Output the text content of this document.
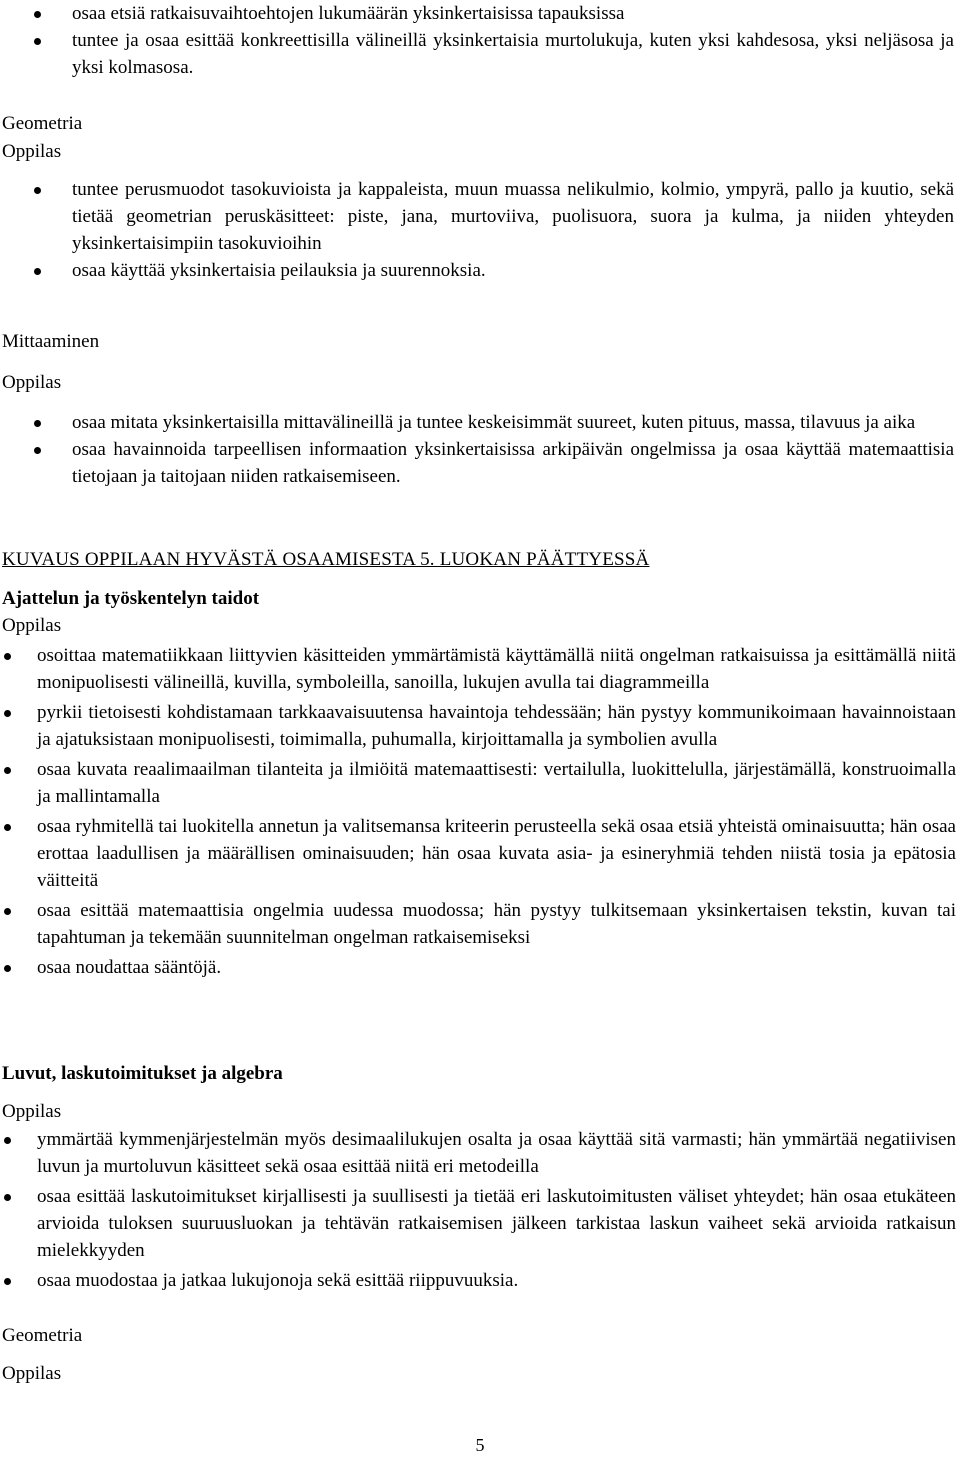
osaa etsiä ratkaisuvaihtoehtojen lukumäärän yksinkertaisissa tapauksissa
tuntee ja osaa esittää konkreettisilla välineillä yksinkertaisia murtolukuja, kuten yksi kahdesosa, yksi neljäsosa ja yksi kolmasosa.
Geometria
Oppilas
tuntee perusmuodot tasokuvioista ja kappaleista, muun muassa nelikulmio, kolmio, ympyrä, pallo ja kuutio, sekä tietää geometrian peruskäsitteet: piste, jana, murtoviiva, puolisuora, suora ja kulma, ja niiden yhteyden yksinkertaisimpiin tasokuvioihin
osaa käyttää yksinkertaisia peilauksia ja suurennoksia.
Mittaaminen
Oppilas
osaa mitata yksinkertaisilla mittavälineillä ja tuntee keskeisimmät suureet, kuten pituus, massa, tilavuus ja aika
osaa havainnoida tarpeellisen informaation yksinkertaisissa arkipäivän ongelmissa ja osaa käyttää matemaattisia tietojaan ja taitojaan niiden ratkaisemiseen.
KUVAUS OPPILAAN HYVÄSTÄ OSAAMISESTA 5. LUOKAN PÄÄTTYESSÄ
Ajattelun ja työskentelyn taidot
Oppilas
osoittaa matematiikkaan liittyvien käsitteiden ymmärtämistä käyttämällä niitä ongelman ratkaisuissa ja esittämällä niitä monipuolisesti välineillä, kuvilla, symboleilla, sanoilla, lukujen avulla tai diagrammeilla
pyrkii tietoisesti kohdistamaan tarkkaavaisuutensa havaintoja tehdessään; hän pystyy kommunikoimaan havainnoistaan ja ajatuksistaan monipuolisesti, toimimalla, puhumalla, kirjoittamalla ja symbolien avulla
osaa kuvata reaalimaailman tilanteita ja ilmiöitä matemaattisesti: vertailulla, luokittelulla, järjestämällä, konstruoimalla ja mallintamalla
osaa ryhmitellä tai luokitella annetun ja valitsemansa kriteerin perusteella sekä osaa etsiä yhteistä ominaisuutta; hän osaa erottaa laadullisen ja määrällisen ominaisuuden; hän osaa kuvata asia- ja esineryhmiä tehden niistä tosia ja epätosia väitteitä
osaa esittää matemaattisia ongelmia uudessa muodossa; hän pystyy tulkitsemaan yksinkertaisen tekstin, kuvan tai tapahtuman ja tekemään suunnitelman ongelman ratkaisemiseksi
osaa noudattaa sääntöjä.
Luvut, laskutoimitukset ja algebra
Oppilas
ymmärtää kymmenjärjestelmän myös desimaalilukujen osalta ja osaa käyttää sitä varmasti; hän ymmärtää negatiivisen luvun ja murtoluvun käsitteet sekä osaa esittää niitä eri metodeilla
osaa esittää laskutoimitukset kirjallisesti ja suullisesti ja tietää eri laskutoimitusten väliset yhteydet; hän osaa etukäteen arvioida tuloksen suuruusluokan ja tehtävän ratkaisemisen jälkeen tarkistaa laskun vaiheet sekä arvioida ratkaisun mielekkyyden
osaa muodostaa ja jatkaa lukujonoja sekä esittää riippuvuuksia.
Geometria
Oppilas
5
